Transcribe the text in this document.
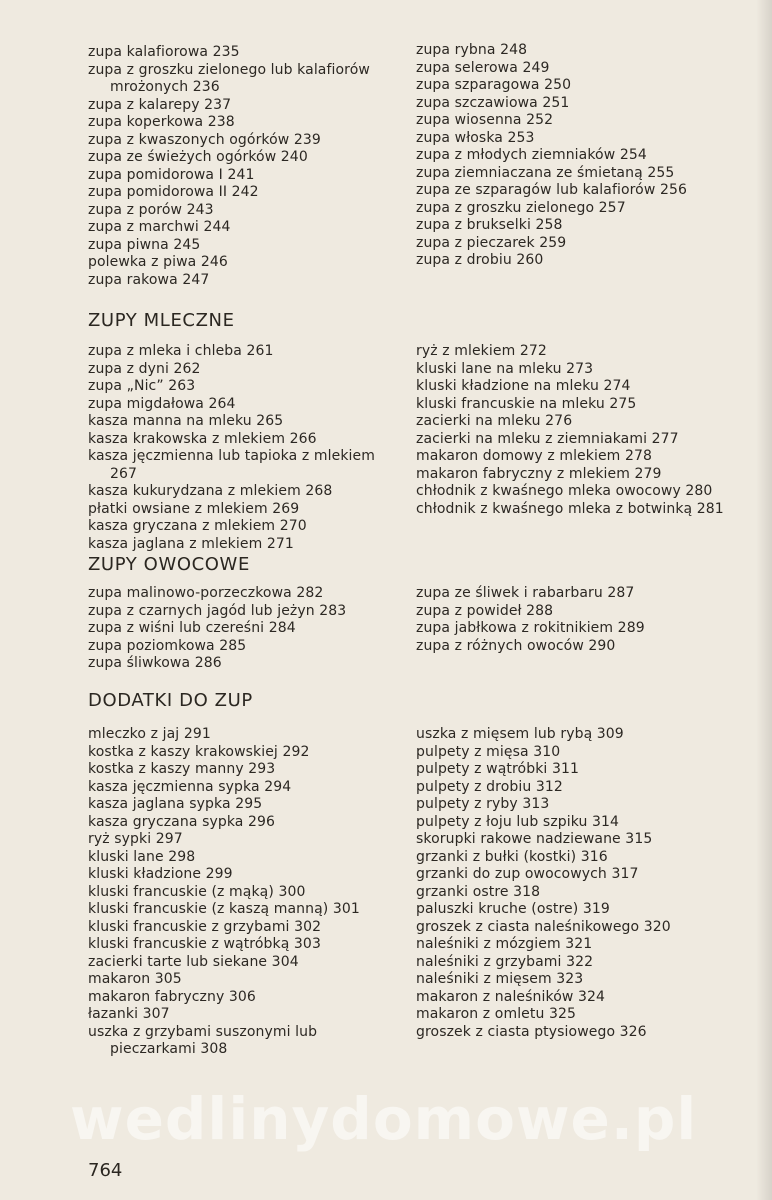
zupa kalafiorowa 235
zupa z groszku zielonego lub kalafiorów mrożonych 236
zupa z kalarepy 237
zupa koperkowa 238
zupa z kwaszonych ogórków 239
zupa ze świeżych ogórków 240
zupa pomidorowa I 241
zupa pomidorowa II 242
zupa z porów 243
zupa z marchwi 244
zupa piwna 245
polewka z piwa 246
zupa rakowa 247
zupa rybna 248
zupa selerowa 249
zupa szparagowa 250
zupa szczawiowa 251
zupa wiosenna 252
zupa włoska 253
zupa z młodych ziemniaków 254
zupa ziemniaczana ze śmietaną 255
zupa ze szparagów lub kalafiorów 256
zupa z groszku zielonego 257
zupa z brukselki 258
zupa z pieczarek 259
zupa z drobiu 260
ZUPY MLECZNE
zupa z mleka i chleba 261
zupa z dyni 262
zupa „Nic” 263
zupa migdałowa 264
kasza manna na mleku 265
kasza krakowska z mlekiem 266
kasza jęczmienna lub tapioka z mlekiem 267
kasza kukurydzana z mlekiem 268
płatki owsiane z mlekiem 269
kasza gryczana z mlekiem 270
kasza jaglana z mlekiem 271
ryż z mlekiem 272
kluski lane na mleku 273
kluski kładzione na mleku 274
kluski francuskie na mleku 275
zacierki na mleku 276
zacierki na mleku z ziemniakami 277
makaron domowy z mlekiem 278
makaron fabryczny z mlekiem 279
chłodnik z kwaśnego mleka owocowy 280
chłodnik z kwaśnego mleka z botwinką 281
ZUPY OWOCOWE
zupa malinowo-porzeczkowa 282
zupa z czarnych jagód lub jeżyn 283
zupa z wiśni lub czereśni 284
zupa poziomkowa 285
zupa śliwkowa 286
zupa ze śliwek i rabarbaru 287
zupa z powideł 288
zupa jabłkowa z rokitnikiem 289
zupa z różnych owoców 290
DODATKI DO ZUP
mleczko z jaj 291
kostka z kaszy krakowskiej 292
kostka z kaszy manny 293
kasza jęczmienna sypka 294
kasza jaglana sypka 295
kasza gryczana sypka 296
ryż sypki 297
kluski lane 298
kluski kładzione 299
kluski francuskie (z mąką) 300
kluski francuskie (z kaszą manną) 301
kluski francuskie z grzybami 302
kluski francuskie z wątróbką 303
zacierki tarte lub siekane 304
makaron 305
makaron fabryczny 306
łazanki 307
uszka z grzybami suszonymi lub pieczarkami 308
uszka z mięsem lub rybą 309
pulpety z mięsa 310
pulpety z wątróbki 311
pulpety z drobiu 312
pulpety z ryby 313
pulpety z łoju lub szpiku 314
skorupki rakowe nadziewane 315
grzanki z bułki (kostki) 316
grzanki do zup owocowych 317
grzanki ostre 318
paluszki kruche (ostre) 319
groszek z ciasta naleśnikowego 320
naleśniki z mózgiem 321
naleśniki z grzybami 322
naleśniki z mięsem 323
makaron z naleśników 324
makaron z omletu 325
groszek z ciasta ptysiowego 326
wedlinydomowe.pl
764
